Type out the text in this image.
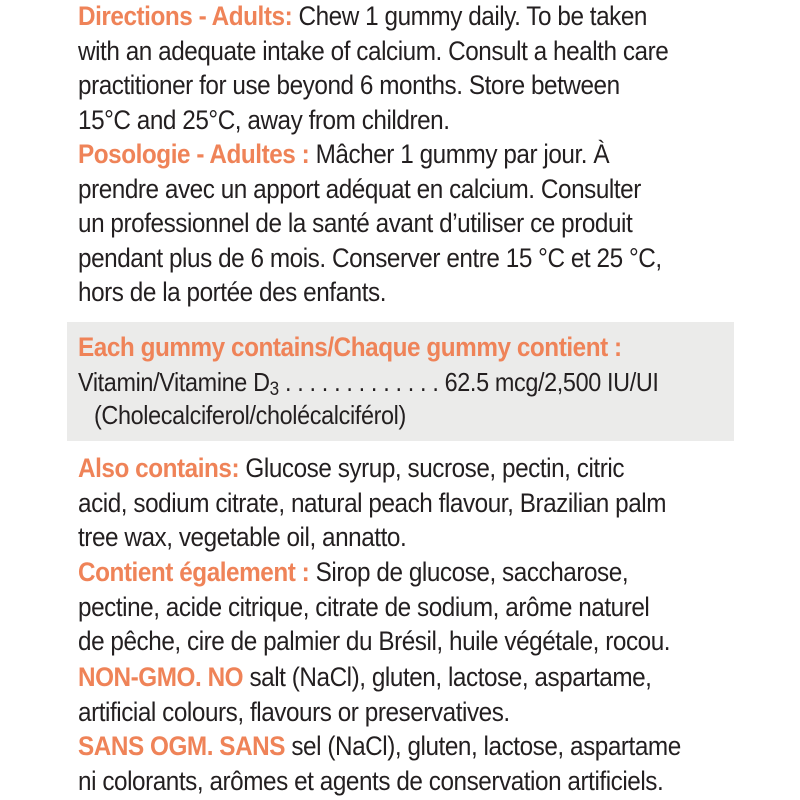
Directions - Adults: Chew 1 gummy daily. To be taken
with an adequate intake of calcium. Consult a health care
practitioner for use beyond 6 months. Store between
15°C and 25°C, away from children.
Posologie - Adultes : Mâcher 1 gummy par jour. À
prendre avec un apport adéquat en calcium. Consulter
un professionnel de la santé avant d’utiliser ce produit
pendant plus de 6 mois. Conserver entre 15 °C et 25 °C,
hors de la portée des enfants.
Each gummy contains/Chaque gummy contient :
Vitamin/Vitamine $D_3$ . . . . . . . . . . . . . 62.5 mcg/2,500 IU/UI
(Cholecalciferol/cholécalciférol)
Also contains: Glucose syrup, sucrose, pectin, citric
acid, sodium citrate, natural peach flavour, Brazilian palm
tree wax, vegetable oil, annatto.
Contient également : Sirop de glucose, saccharose,
pectine, acide citrique, citrate de sodium, arôme naturel
de pêche, cire de palmier du Brésil, huile végétale, rocou.
NON-GMO. NO salt (NaCl), gluten, lactose, aspartame,
artificial colours, flavours or preservatives.
SANS OGM. SANS sel (NaCl), gluten, lactose, aspartame
ni colorants, arômes et agents de conservation artificiels.
